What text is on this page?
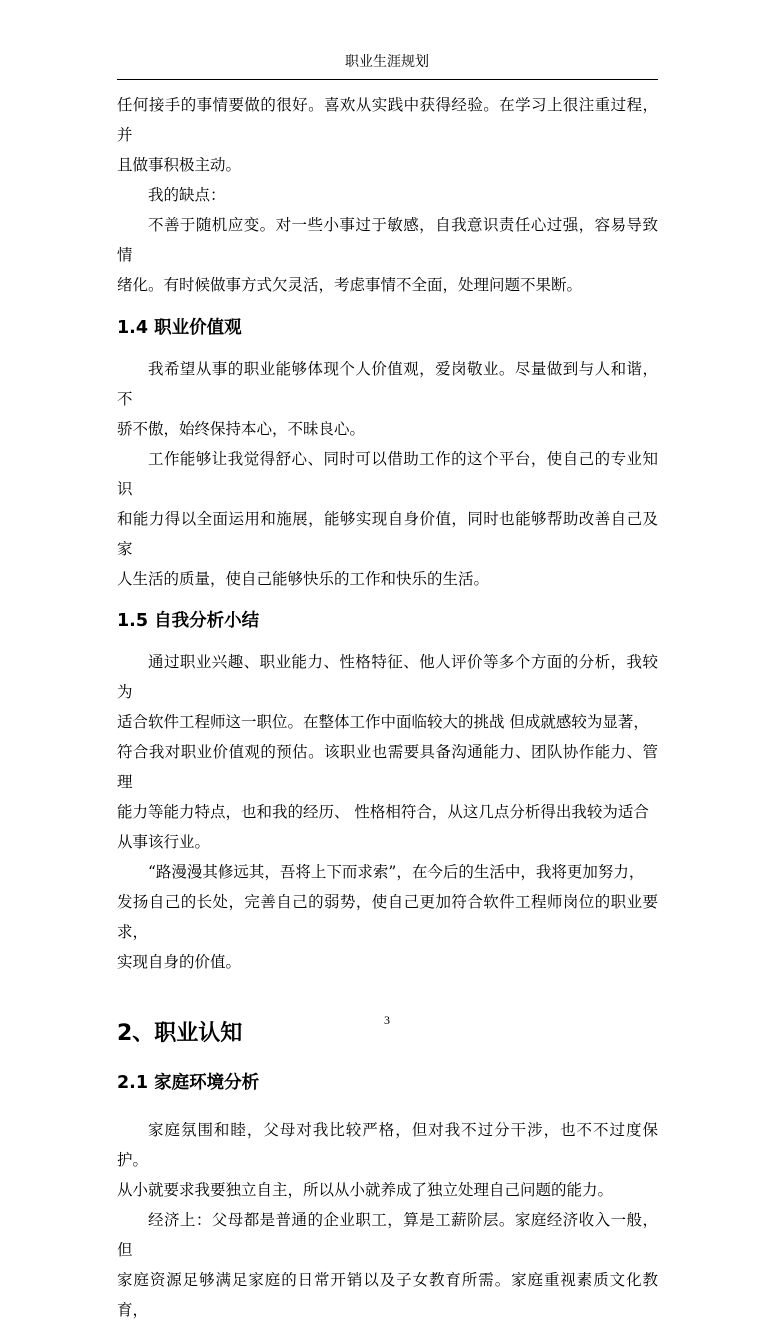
职业生涯规划

任何接手的事情要做的很好。喜欢从实践中获得经验。在学习上很注重过程，并

且做事积极主动。

我的缺点：

不善于随机应变。对一些小事过于敏感，自我意识责任心过强，容易导致情

绪化。有时候做事方式欠灵活，考虑事情不全面，处理问题不果断。

1.4 职业价值观

我希望从事的职业能够体现个人价值观，爱岗敬业。尽量做到与人和谐，不

骄不傲，始终保持本心，不昧良心。

工作能够让我觉得舒心、同时可以借助工作的这个平台，使自己的专业知识

和能力得以全面运用和施展，能够实现自身价值，同时也能够帮助改善自己及家

人生活的质量，使自己能够快乐的工作和快乐的生活。

1.5 自我分析小结

通过职业兴趣、职业能力、性格特征、他人评价等多个方面的分析，我较为

适合软件工程师这一职位。在整体工作中面临较大的挑战 但成就感较为显著，

符合我对职业价值观的预估。该职业也需要具备沟通能力、团队协作能力、管理

能力等能力特点，也和我的经历、 性格相符合，从这几点分析得出我较为适合

从事该行业。

“路漫漫其修远其，吾将上下而求索”，在今后的生活中，我将更加努力，

发扬自己的长处，完善自己的弱势，使自己更加符合软件工程师岗位的职业要求，

实现自身的价值。

2、职业认知
2.1 家庭环境分析

家庭氛围和睦，父母对我比较严格，但对我不过分干涉，也不不过度保护。

从小就要求我要独立自主，所以从小就养成了独立处理自己问题的能力。

经济上：父母都是普通的企业职工，算是工薪阶层。家庭经济收入一般，但

家庭资源足够满足家庭的日常开销以及子女教育所需。家庭重视素质文化教育，

3
